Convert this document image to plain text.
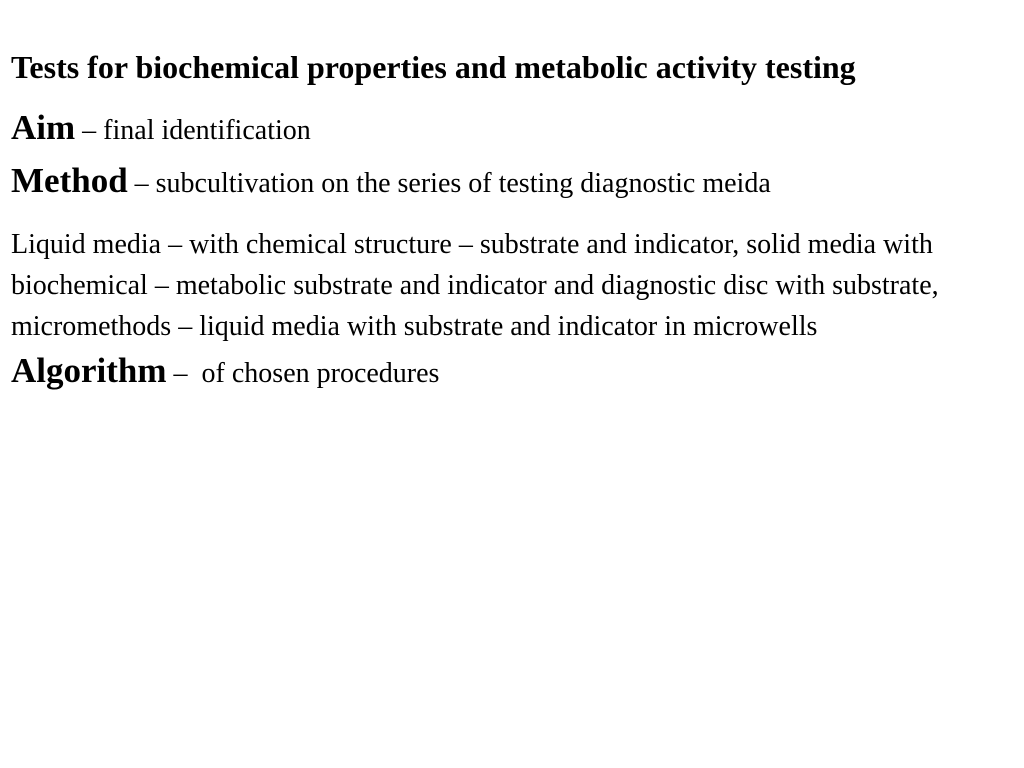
Tests for biochemical properties and metabolic activity testing

Aim – final identification

Method – subcultivation on the series of testing diagnostic meida

Liquid media – with chemical structure – substrate and indicator, solid media with biochemical – metabolic substrate and indicator and diagnostic disc with substrate, micromethods – liquid media with substrate and indicator in microwells

Algorithm –  of chosen procedures
